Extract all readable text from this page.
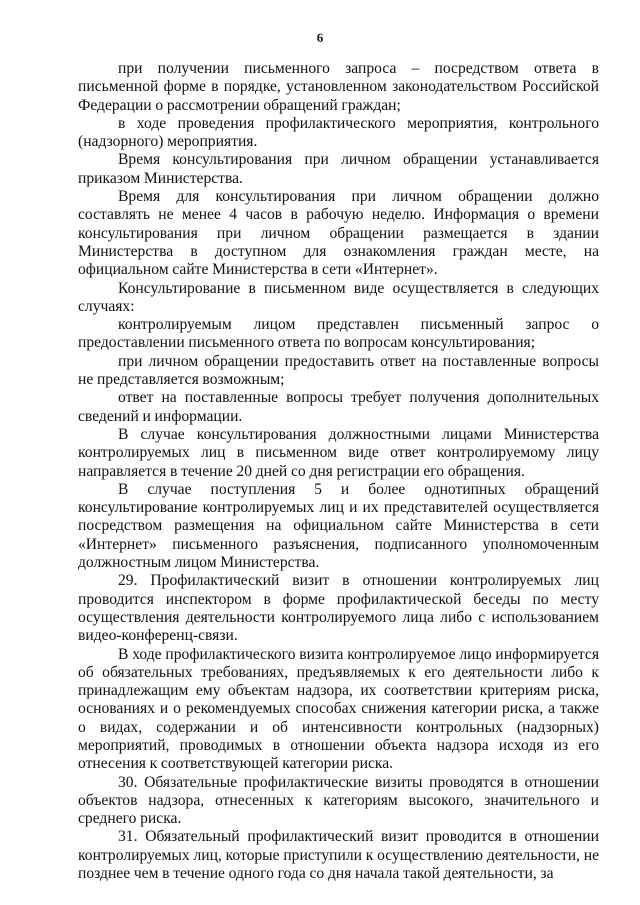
6

при получении письменного запроса – посредством ответа в письменной форме в порядке, установленном законодательством Российской Федерации о рассмотрении обращений граждан;

в ходе проведения профилактического мероприятия, контрольного (надзорного) мероприятия.

Время консультирования при личном обращении устанавливается приказом Министерства.

Время для консультирования при личном обращении должно составлять не менее 4 часов в рабочую неделю. Информация о времени консультирования при личном обращении размещается в здании Министерства в доступном для ознакомления граждан месте, на официальном сайте Министерства в сети «Интернет».

Консультирование в письменном виде осуществляется в следующих случаях:

контролируемым лицом представлен письменный запрос о предоставлении письменного ответа по вопросам консультирования;

при личном обращении предоставить ответ на поставленные вопросы не представляется возможным;

ответ на поставленные вопросы требует получения дополнительных сведений и информации.

В случае консультирования должностными лицами Министерства контролируемых лиц в письменном виде ответ контролируемому лицу направляется в течение 20 дней со дня регистрации его обращения.

В случае поступления 5 и более однотипных обращений консультирование контролируемых лиц и их представителей осуществляется посредством размещения на официальном сайте Министерства в сети «Интернет» письменного разъяснения, подписанного уполномоченным должностным лицом Министерства.

29. Профилактический визит в отношении контролируемых лиц проводится инспектором в форме профилактической беседы по месту осуществления деятельности контролируемого лица либо с использованием видео-конференц-связи.

В ходе профилактического визита контролируемое лицо информируется об обязательных требованиях, предъявляемых к его деятельности либо к принадлежащим ему объектам надзора, их соответствии критериям риска, основаниях и о рекомендуемых способах снижения категории риска, а также о видах, содержании и об интенсивности контрольных (надзорных) мероприятий, проводимых в отношении объекта надзора исходя из его отнесения к соответствующей категории риска.

30. Обязательные профилактические визиты проводятся в отношении объектов надзора, отнесенных к категориям высокого, значительного и среднего риска.

31. Обязательный профилактический визит проводится в отношении контролируемых лиц, которые приступили к осуществлению деятельности, не позднее чем в течение одного года со дня начала такой деятельности, за
